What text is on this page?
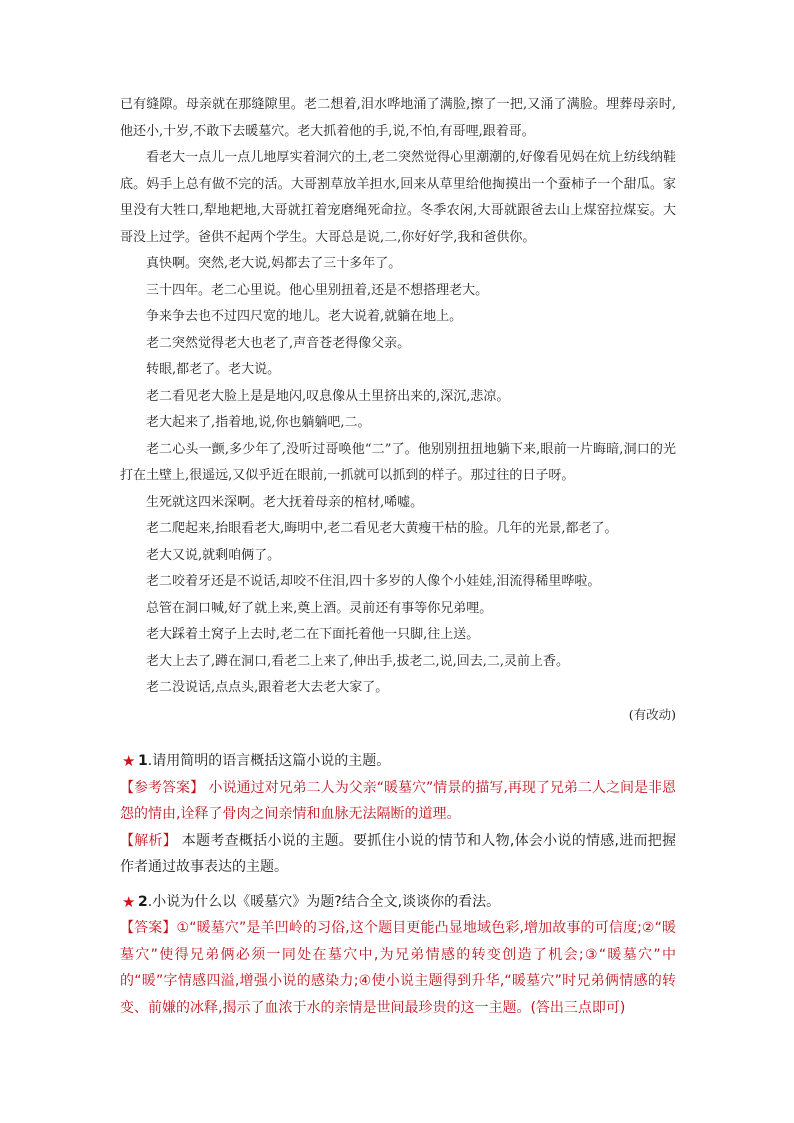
已有缝隙。母亲就在那缝隙里。老二想着,泪水哗地涌了满脸,擦了一把,又涌了满脸。埋葬母亲时,他还小,十岁,不敢下去暖墓穴。老大抓着他的手,说,不怕,有哥哩,跟着哥。

看老大一点儿一点儿地厚实着洞穴的土,老二突然觉得心里潮潮的,好像看见妈在炕上纺线纳鞋底。妈手上总有做不完的活。大哥割草放羊担水,回来从草里给他掏摸出一个蚕柿子一个甜瓜。家里没有大牲口,犁地耙地,大哥就扛着宠磨绳死命拉。冬季农闲,大哥就跟爸去山上煤窑拉煤妄。大哥没上过学。爸供不起两个学生。大哥总是说,二,你好好学,我和爸供你。

真快啊。突然,老大说,妈都去了三十多年了。

三十四年。老二心里说。他心里别扭着,还是不想搭理老大。

争来争去也不过四尺宽的地儿。老大说着,就躺在地上。

老二突然觉得老大也老了,声音苍老得像父亲。

转眼,都老了。老大说。

老二看见老大脸上是是地闪,叹息像从土里挤出来的,深沉,悲凉。

老大起来了,指着地,说,你也躺躺吧,二。

老二心头一颤,多少年了,没听过哥唤他“二”了。他别别扭扭地躺下来,眼前一片晦暗,洞口的光打在土壁上,很遥远,又似乎近在眼前,一抓就可以抓到的样子。那过往的日子呀。

生死就这四米深啊。老大抚着母亲的棺材,唏嘘。

老二爬起来,抬眼看老大,晦明中,老二看见老大黄瘦干枯的脸。几年的光景,都老了。

老大又说,就剩咱俩了。

老二咬着牙还是不说话,却咬不住泪,四十多岁的人像个小娃娃,泪流得稀里哗啦。

总管在洞口喊,好了就上来,奠上酒。灵前还有事等你兄弟哩。

老大踩着土窝子上去时,老二在下面托着他一只脚,往上送。

老大上去了,蹲在洞口,看老二上来了,伸出手,拔老二,说,回去,二,灵前上香。

老二没说话,点点头,跟着老大去老大家了。

(有改动)

★ 1.请用简明的语言概括这篇小说的主题。

【参考答案】 小说通过对兄弟二人为父亲“暖墓穴”情景的描写,再现了兄弟二人之间是非恩怨的情由,诠释了骨肉之间亲情和血脉无法隔断的道理。

【解析】 本题考查概括小说的主题。要抓住小说的情节和人物,体会小说的情感,进而把握作者通过故事表达的主题。

★ 2.小说为什么以《暖墓穴》为题?结合全文,谈谈你的看法。

【答案】①“暖墓穴”是羊凹岭的习俗,这个题目更能凸显地域色彩,增加故事的可信度;②“暖墓穴”使得兄弟俩必须一同处在墓穴中,为兄弟情感的转变创造了机会;③“暖墓穴”中的“暖”字情感四溢,增强小说的感染力;④使小说主题得到升华,“暖墓穴”时兄弟俩情感的转变、前嫌的冰释,揭示了血浓于水的亲情是世间最珍贵的这一主题。(答出三点即可)
